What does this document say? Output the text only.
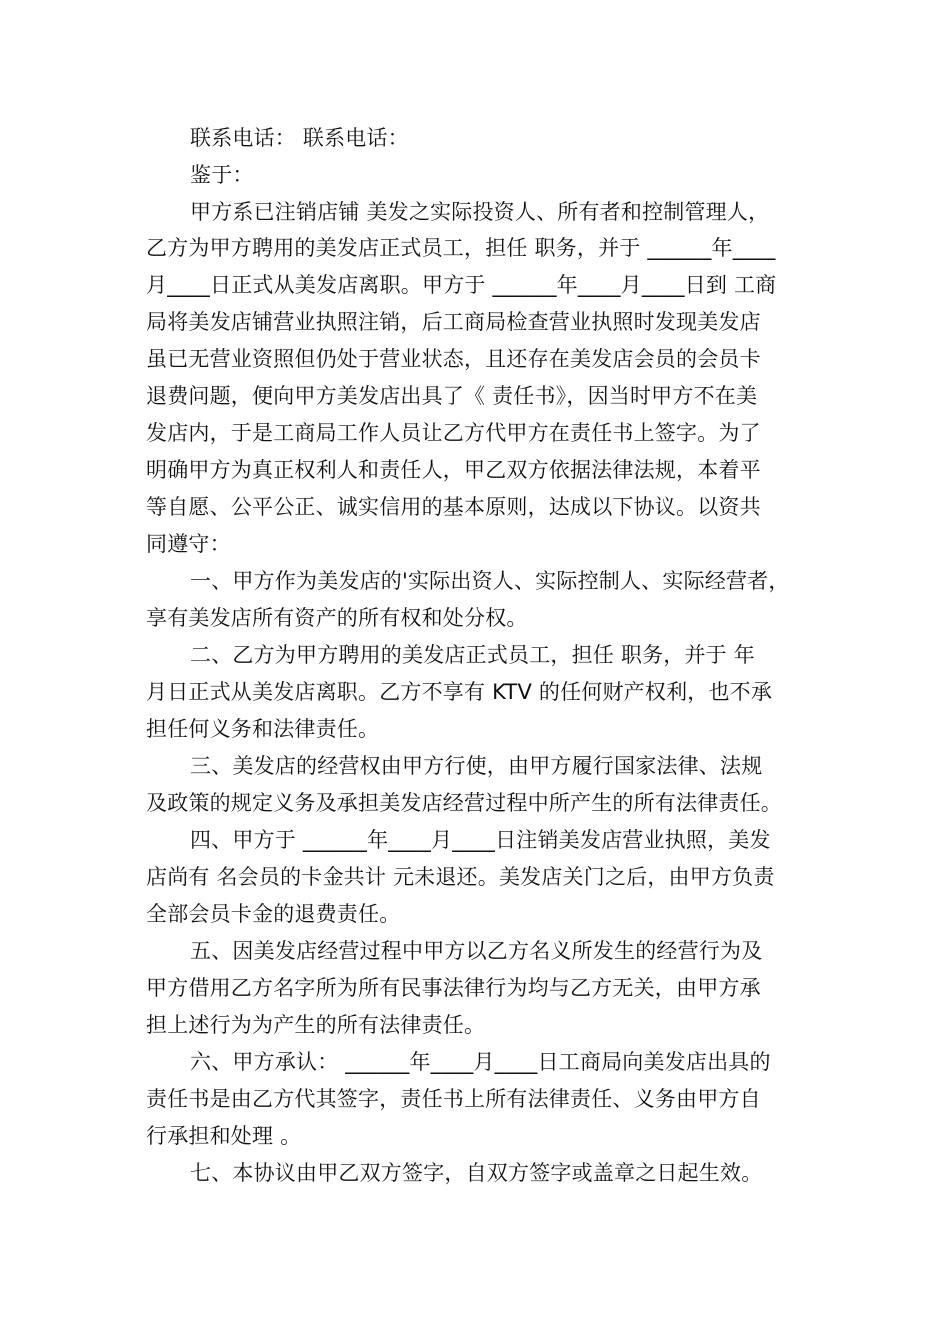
联系电话： 联系电话：
鉴于：
甲方系已注销店铺 美发之实际投资人、所有者和控制管理人，
乙方为甲方聘用的美发店正式员工，担任 职务，并于 ______年____
月____日正式从美发店离职。甲方于 ______年____月____日到 工商
局将美发店铺营业执照注销，后工商局检查营业执照时发现美发店
虽已无营业资照但仍处于营业状态，且还存在美发店会员的会员卡
退费问题，便向甲方美发店出具了《 责任书》，因当时甲方不在美
发店内，于是工商局工作人员让乙方代甲方在责任书上签字。为了
明确甲方为真正权利人和责任人，甲乙双方依据法律法规，本着平
等自愿、公平公正、诚实信用的基本原则，达成以下协议。以资共
同遵守：
一、甲方作为美发店的'实际出资人、实际控制人、实际经营者，
享有美发店所有资产的所有权和处分权。
二、乙方为甲方聘用的美发店正式员工，担任 职务，并于 年
月日正式从美发店离职。乙方不享有 KTV 的任何财产权利，也不承
担任何义务和法律责任。
三、美发店的经营权由甲方行使，由甲方履行国家法律、法规
及政策的规定义务及承担美发店经营过程中所产生的所有法律责任。
四、甲方于 ______年____月____日注销美发店营业执照，美发
店尚有 名会员的卡金共计 元未退还。美发店关门之后，由甲方负责
全部会员卡金的退费责任。
五、因美发店经营过程中甲方以乙方名义所发生的经营行为及
甲方借用乙方名字所为所有民事法律行为均与乙方无关，由甲方承
担上述行为为产生的所有法律责任。
六、甲方承认： ______年____月____日工商局向美发店出具的
责任书是由乙方代其签字，责任书上所有法律责任、义务由甲方自
行承担和处理 。
七、本协议由甲乙双方签字，自双方签字或盖章之日起生效。
